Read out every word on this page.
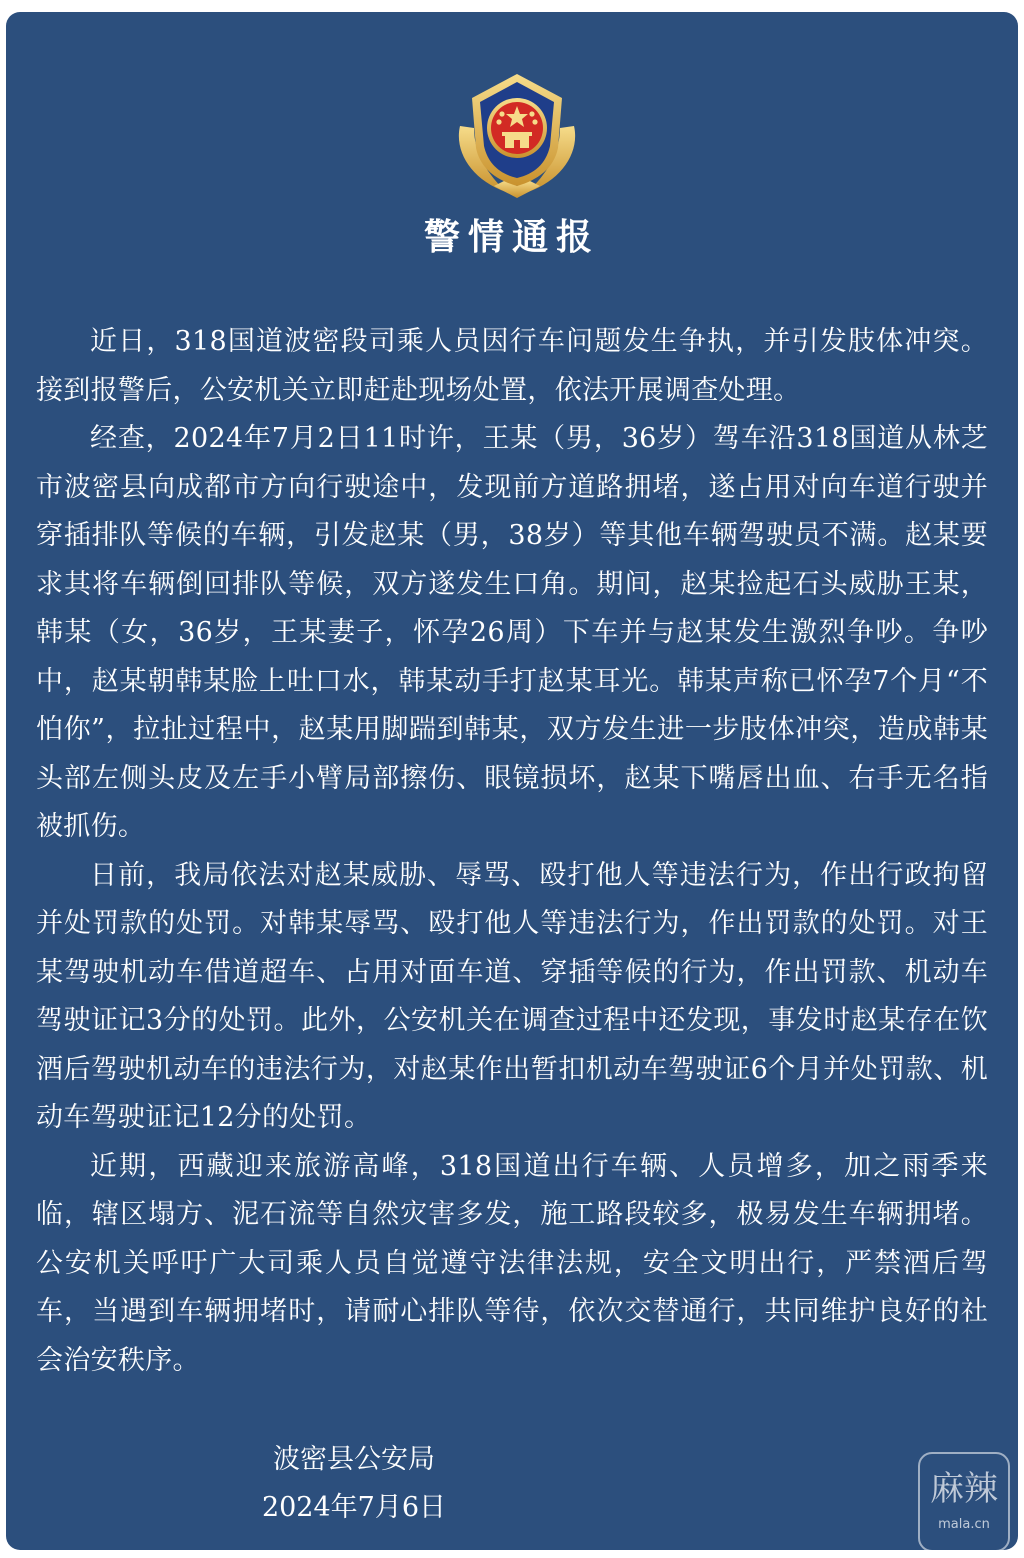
警情通报

近日，318国道波密段司乘人员因行车问题发生争执，并引发肢体冲突。接到报警后，公安机关立即赶赴现场处置，依法开展调查处理。

经查，2024年7月2日11时许，王某（男，36岁）驾车沿318国道从林芝市波密县向成都市方向行驶途中，发现前方道路拥堵，遂占用对向车道行驶并穿插排队等候的车辆，引发赵某（男，38岁）等其他车辆驾驶员不满。赵某要求其将车辆倒回排队等候，双方遂发生口角。期间，赵某捡起石头威胁王某，韩某（女，36岁，王某妻子，怀孕26周）下车并与赵某发生激烈争吵。争吵中，赵某朝韩某脸上吐口水，韩某动手打赵某耳光。韩某声称已怀孕7个月“不怕你”，拉扯过程中，赵某用脚踹到韩某，双方发生进一步肢体冲突，造成韩某头部左侧头皮及左手小臂局部擦伤、眼镜损坏，赵某下嘴唇出血、右手无名指被抓伤。

日前，我局依法对赵某威胁、辱骂、殴打他人等违法行为，作出行政拘留并处罚款的处罚。对韩某辱骂、殴打他人等违法行为，作出罚款的处罚。对王某驾驶机动车借道超车、占用对面车道、穿插等候的行为，作出罚款、机动车驾驶证记3分的处罚。此外，公安机关在调查过程中还发现，事发时赵某存在饮酒后驾驶机动车的违法行为，对赵某作出暂扣机动车驾驶证6个月并处罚款、机动车驾驶证记12分的处罚。

近期，西藏迎来旅游高峰，318国道出行车辆、人员增多，加之雨季来临，辖区塌方、泥石流等自然灾害多发，施工路段较多，极易发生车辆拥堵。公安机关呼吁广大司乘人员自觉遵守法律法规，安全文明出行，严禁酒后驾车，当遇到车辆拥堵时，请耐心排队等待，依次交替通行，共同维护良好的社会治安秩序。

波密县公安局
2024年7月6日	麻辣
mala.cn
